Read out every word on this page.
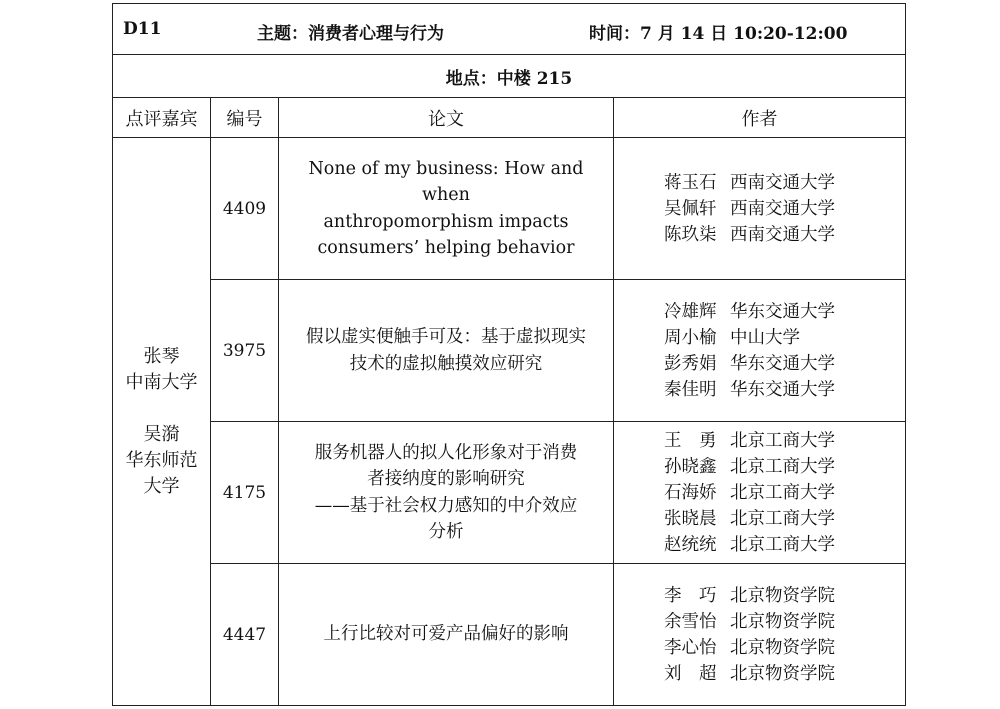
D11 主题：消费者心理与行为 时间：7 月 14 日 10:20-12:00			

地点：中楼 215			
点评嘉宾	编号	论文	作者

张琴
中南大学
吴漪
华东师范
大学	4409	None of my business: How and when
anthropomorphism impacts
consumers’ helping behavior	蒋玉石 西南交通大学
吴佩轩 西南交通大学
陈玖柒 西南交通大学

	3975	假以虚实便触手可及：基于虚拟现实
技术的虚拟触摸效应研究	冷雄辉 华东交通大学
周小榆 中山大学
彭秀娟 华东交通大学
秦佳明 华东交通大学

	4175	服务机器人的拟人化形象对于消费
者接纳度的影响研究
——基于社会权力感知的中介效应
分析	王　勇 北京工商大学
孙晓鑫 北京工商大学
石海娇 北京工商大学
张晓晨 北京工商大学
赵统统 北京工商大学

	4447	上行比较对可爱产品偏好的影响	李　巧 北京物资学院
余雪怡 北京物资学院
李心怡 北京物资学院
刘　超 北京物资学院
